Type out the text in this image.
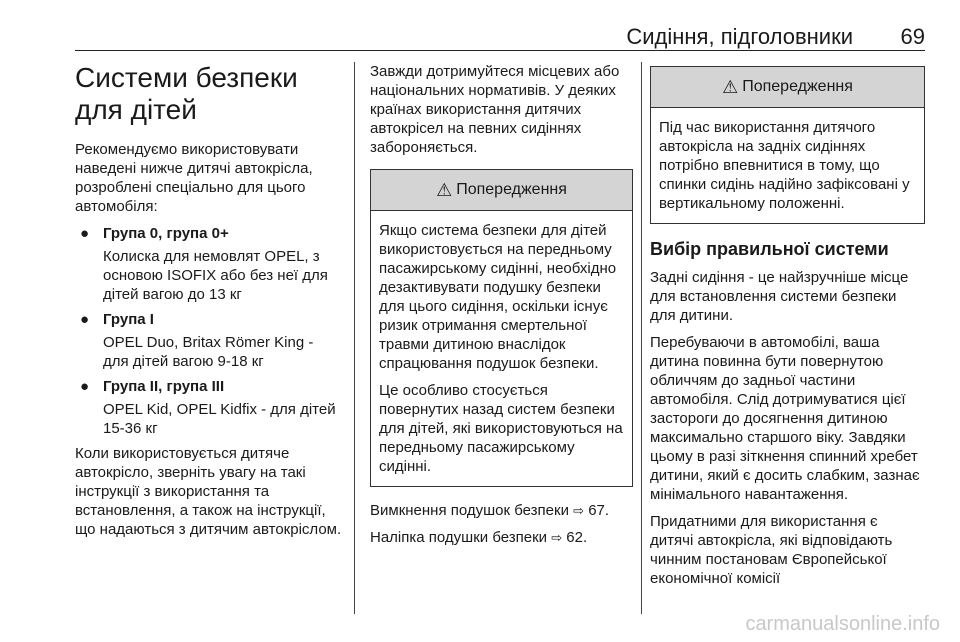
Сидіння, підголовники 69
Системи безпеки для дітей

Рекомендуємо використовувати наведені нижче дитячі автокрісла, розроблені спеціально для цього автомобіля:

● Група 0, група 0+
Колиска для немовлят OPEL, з основою ISOFIX або без неї для дітей вагою до 13 кг
● Група I
OPEL Duo, Britax Römer King - для дітей вагою 9-18 кг
● Група II, група III
OPEL Kid, OPEL Kidfix - для дітей 15-36 кг

Коли використовується дитяче автокрісло, зверніть увагу на такі інструкції з використання та встановлення, а також на інструкції, що надаються з дитячим автокріслом.

Завжди дотримуйтеся місцевих або національних нормативів. У деяких країнах використання дитячих автокрісел на певних сидіннях забороняється.

⚠ Попередження

Якщо система безпеки для дітей використовується на передньому пасажирському сидінні, необхідно дезактивувати подушку безпеки для цього сидіння, оскільки існує ризик отримання смертельної травми дитиною внаслідок спрацювання подушок безпеки.

Це особливо стосується повернутих назад систем безпеки для дітей, які використовуються на передньому пасажирському сидінні.

Вимкнення подушок безпеки ⇨ 67.

Наліпка подушки безпеки ⇨ 62.

⚠ Попередження

Під час використання дитячого автокрісла на задніх сидіннях потрібно впевнитися в тому, що спинки сидінь надійно зафіксовані у вертикальному положенні.

Вибір правильної системи

Задні сидіння - це найзручніше місце для встановлення системи безпеки для дитини.

Перебуваючи в автомобілі, ваша дитина повинна бути повернутою обличчям до задньої частини автомобіля. Слід дотримуватися цієї застороги до досягнення дитиною максимально старшого віку. Завдяки цьому в разі зіткнення спинний хребет дитини, який є досить слабким, зазнає мінімального навантаження.

Придатними для використання є дитячі автокрісла, які відповідають чинним постановам Європейської економічної комісії

carmanualsonline.info
